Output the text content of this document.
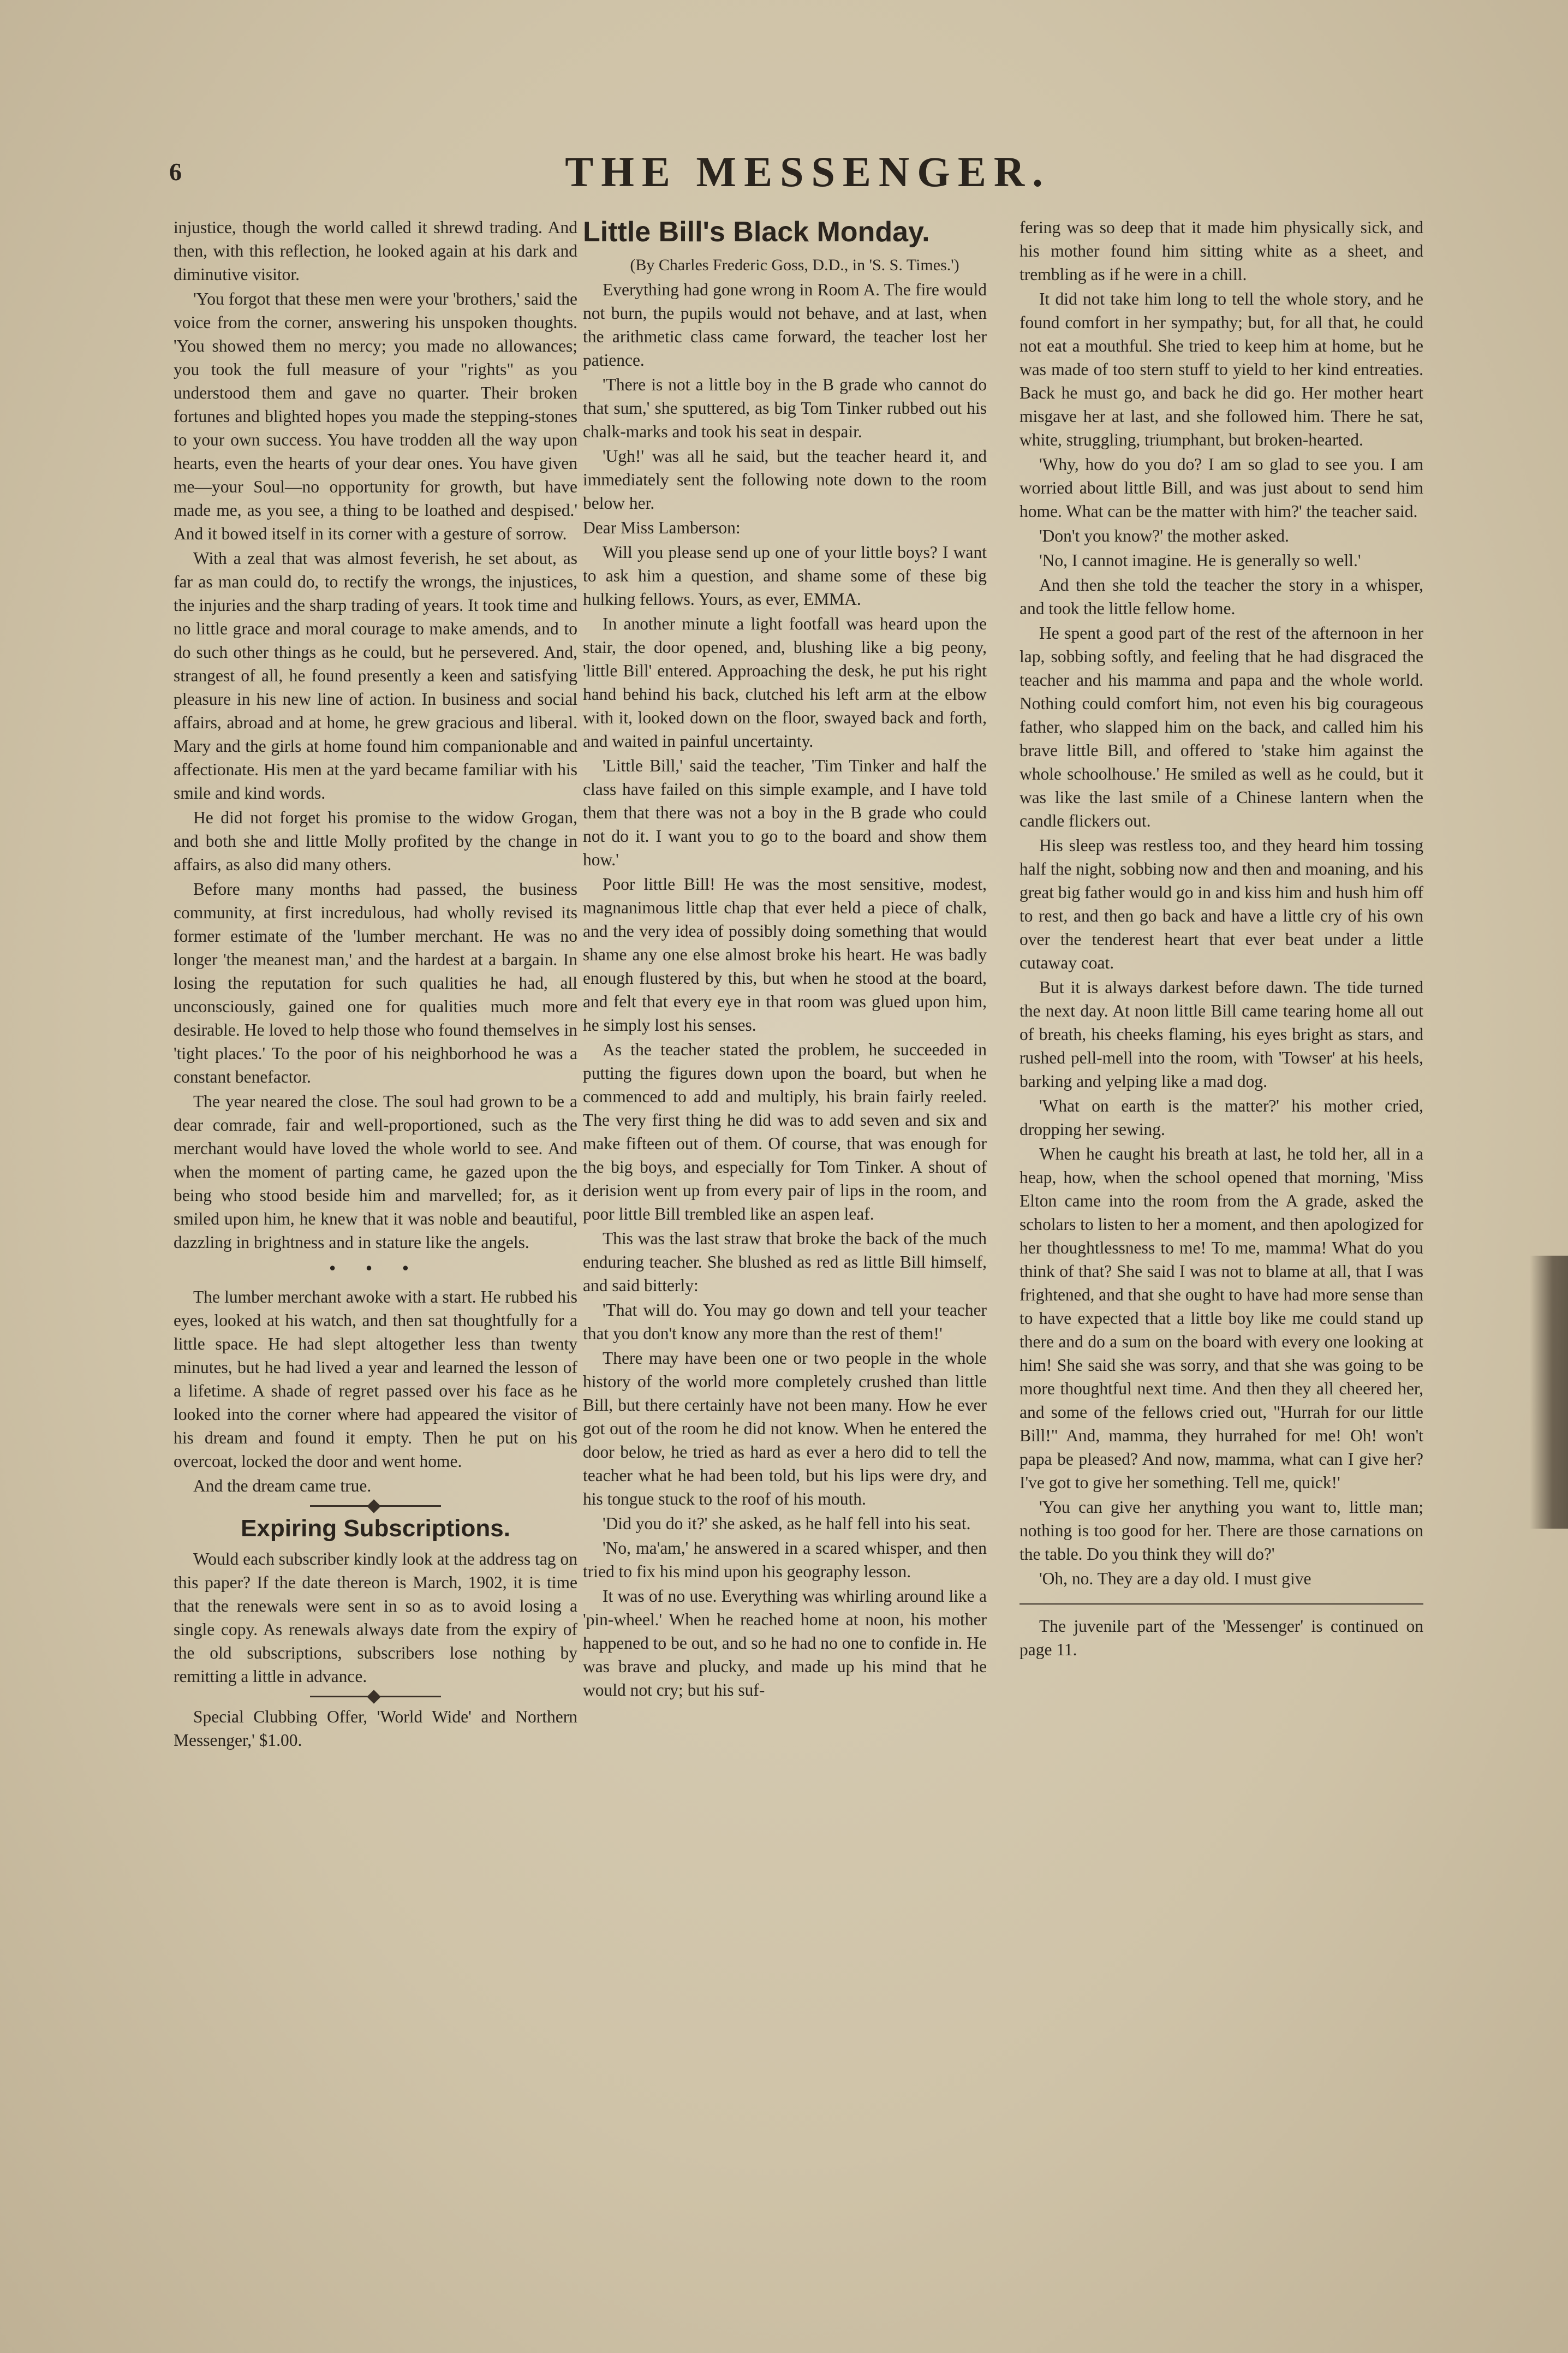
6	THE MESSENGER.

injustice, though the world called it shrewd trading. And then, with this reflection, he looked again at his dark and diminutive visitor.

'You forgot that these men were your 'brothers,' said the voice from the corner, answering his unspoken thoughts. 'You showed them no mercy; you made no allowances; you took the full measure of your "rights" as you understood them and gave no quarter. Their broken fortunes and blighted hopes you made the stepping-stones to your own success. You have trodden all the way upon hearts, even the hearts of your dear ones. You have given me—your Soul—no opportunity for growth, but have made me, as you see, a thing to be loathed and despised.' And it bowed itself in its corner with a gesture of sorrow.

With a zeal that was almost feverish, he set about, as far as man could do, to rectify the wrongs, the injustices, the injuries and the sharp trading of years. It took time and no little grace and moral courage to make amends, and to do such other things as he could, but he persevered. And, strangest of all, he found presently a keen and satisfying pleasure in his new line of action. In business and social affairs, abroad and at home, he grew gracious and liberal. Mary and the girls at home found him companionable and affectionate. His men at the yard became familiar with his smile and kind words.

He did not forget his promise to the widow Grogan, and both she and little Molly profited by the change in affairs, as also did many others.

Before many months had passed, the business community, at first incredulous, had wholly revised its former estimate of the 'lumber merchant. He was no longer 'the meanest man,' and the hardest at a bargain. In losing the reputation for such qualities he had, all unconsciously, gained one for qualities much more desirable. He loved to help those who found themselves in 'tight places.' To the poor of his neighborhood he was a constant benefactor.

The year neared the close. The soul had grown to be a dear comrade, fair and well-proportioned, such as the merchant would have loved the whole world to see. And when the moment of parting came, he gazed upon the being who stood beside him and marvelled; for, as it smiled upon him, he knew that it was noble and beautiful, dazzling in brightness and in stature like the angels.

• • •

The lumber merchant awoke with a start. He rubbed his eyes, looked at his watch, and then sat thoughtfully for a little space. He had slept altogether less than twenty minutes, but he had lived a year and learned the lesson of a lifetime. A shade of regret passed over his face as he looked into the corner where had appeared the visitor of his dream and found it empty. Then he put on his overcoat, locked the door and went home.

And the dream came true.

Expiring Subscriptions.

Would each subscriber kindly look at the address tag on this paper? If the date thereon is March, 1902, it is time that the renewals were sent in so as to avoid losing a single copy. As renewals always date from the expiry of the old subscriptions, subscribers lose nothing by remitting a little in advance.

Special Clubbing Offer, 'World Wide' and Northern Messenger,' $1.00.

Little Bill's Black Monday.

(By Charles Frederic Goss, D.D., in 'S. S. Times.')

Everything had gone wrong in Room A. The fire would not burn, the pupils would not behave, and at last, when the arithmetic class came forward, the teacher lost her patience.

'There is not a little boy in the B grade who cannot do that sum,' she sputtered, as big Tom Tinker rubbed out his chalk-marks and took his seat in despair.

'Ugh!' was all he said, but the teacher heard it, and immediately sent the following note down to the room below her.

Dear Miss Lamberson:

Will you please send up one of your little boys? I want to ask him a question, and shame some of these big hulking fellows. Yours, as ever, EMMA.

In another minute a light footfall was heard upon the stair, the door opened, and, blushing like a big peony, 'little Bill' entered. Approaching the desk, he put his right hand behind his back, clutched his left arm at the elbow with it, looked down on the floor, swayed back and forth, and waited in painful uncertainty.

'Little Bill,' said the teacher, 'Tim Tinker and half the class have failed on this simple example, and I have told them that there was not a boy in the B grade who could not do it. I want you to go to the board and show them how.'

Poor little Bill! He was the most sensitive, modest, magnanimous little chap that ever held a piece of chalk, and the very idea of possibly doing something that would shame any one else almost broke his heart. He was badly enough flustered by this, but when he stood at the board, and felt that every eye in that room was glued upon him, he simply lost his senses.

As the teacher stated the problem, he succeeded in putting the figures down upon the board, but when he commenced to add and multiply, his brain fairly reeled. The very first thing he did was to add seven and six and make fifteen out of them. Of course, that was enough for the big boys, and especially for Tom Tinker. A shout of derision went up from every pair of lips in the room, and poor little Bill trembled like an aspen leaf.

This was the last straw that broke the back of the much enduring teacher. She blushed as red as little Bill himself, and said bitterly:

'That will do. You may go down and tell your teacher that you don't know any more than the rest of them!'

There may have been one or two people in the whole history of the world more completely crushed than little Bill, but there certainly have not been many. How he ever got out of the room he did not know. When he entered the door below, he tried as hard as ever a hero did to tell the teacher what he had been told, but his lips were dry, and his tongue stuck to the roof of his mouth.

'Did you do it?' she asked, as he half fell into his seat.

'No, ma'am,' he answered in a scared whisper, and then tried to fix his mind upon his geography lesson.

It was of no use. Everything was whirling around like a 'pin-wheel.' When he reached home at noon, his mother happened to be out, and so he had no one to confide in. He was brave and plucky, and made up his mind that he would not cry; but his suf-

fering was so deep that it made him physically sick, and his mother found him sitting white as a sheet, and trembling as if he were in a chill.

It did not take him long to tell the whole story, and he found comfort in her sympathy; but, for all that, he could not eat a mouthful. She tried to keep him at home, but he was made of too stern stuff to yield to her kind entreaties. Back he must go, and back he did go. Her mother heart misgave her at last, and she followed him. There he sat, white, struggling, triumphant, but broken-hearted.

'Why, how do you do? I am so glad to see you. I am worried about little Bill, and was just about to send him home. What can be the matter with him?' the teacher said.

'Don't you know?' the mother asked.

'No, I cannot imagine. He is generally so well.'

And then she told the teacher the story in a whisper, and took the little fellow home.

He spent a good part of the rest of the afternoon in her lap, sobbing softly, and feeling that he had disgraced the teacher and his mamma and papa and the whole world. Nothing could comfort him, not even his big courageous father, who slapped him on the back, and called him his brave little Bill, and offered to 'stake him against the whole schoolhouse.' He smiled as well as he could, but it was like the last smile of a Chinese lantern when the candle flickers out.

His sleep was restless too, and they heard him tossing half the night, sobbing now and then and moaning, and his great big father would go in and kiss him and hush him off to rest, and then go back and have a little cry of his own over the tenderest heart that ever beat under a little cutaway coat.

But it is always darkest before dawn. The tide turned the next day. At noon little Bill came tearing home all out of breath, his cheeks flaming, his eyes bright as stars, and rushed pell-mell into the room, with 'Towser' at his heels, barking and yelping like a mad dog.

'What on earth is the matter?' his mother cried, dropping her sewing.

When he caught his breath at last, he told her, all in a heap, how, when the school opened that morning, 'Miss Elton came into the room from the A grade, asked the scholars to listen to her a moment, and then apologized for her thoughtlessness to me! To me, mamma! What do you think of that? She said I was not to blame at all, that I was frightened, and that she ought to have had more sense than to have expected that a little boy like me could stand up there and do a sum on the board with every one looking at him! She said she was sorry, and that she was going to be more thoughtful next time. And then they all cheered her, and some of the fellows cried out, "Hurrah for our little Bill!" And, mamma, they hurrahed for me! Oh! won't papa be pleased? And now, mamma, what can I give her? I've got to give her something. Tell me, quick!'

'You can give her anything you want to, little man; nothing is too good for her. There are those carnations on the table. Do you think they will do?'

'Oh, no. They are a day old. I must give

The juvenile part of the 'Messenger' is continued on page 11.
